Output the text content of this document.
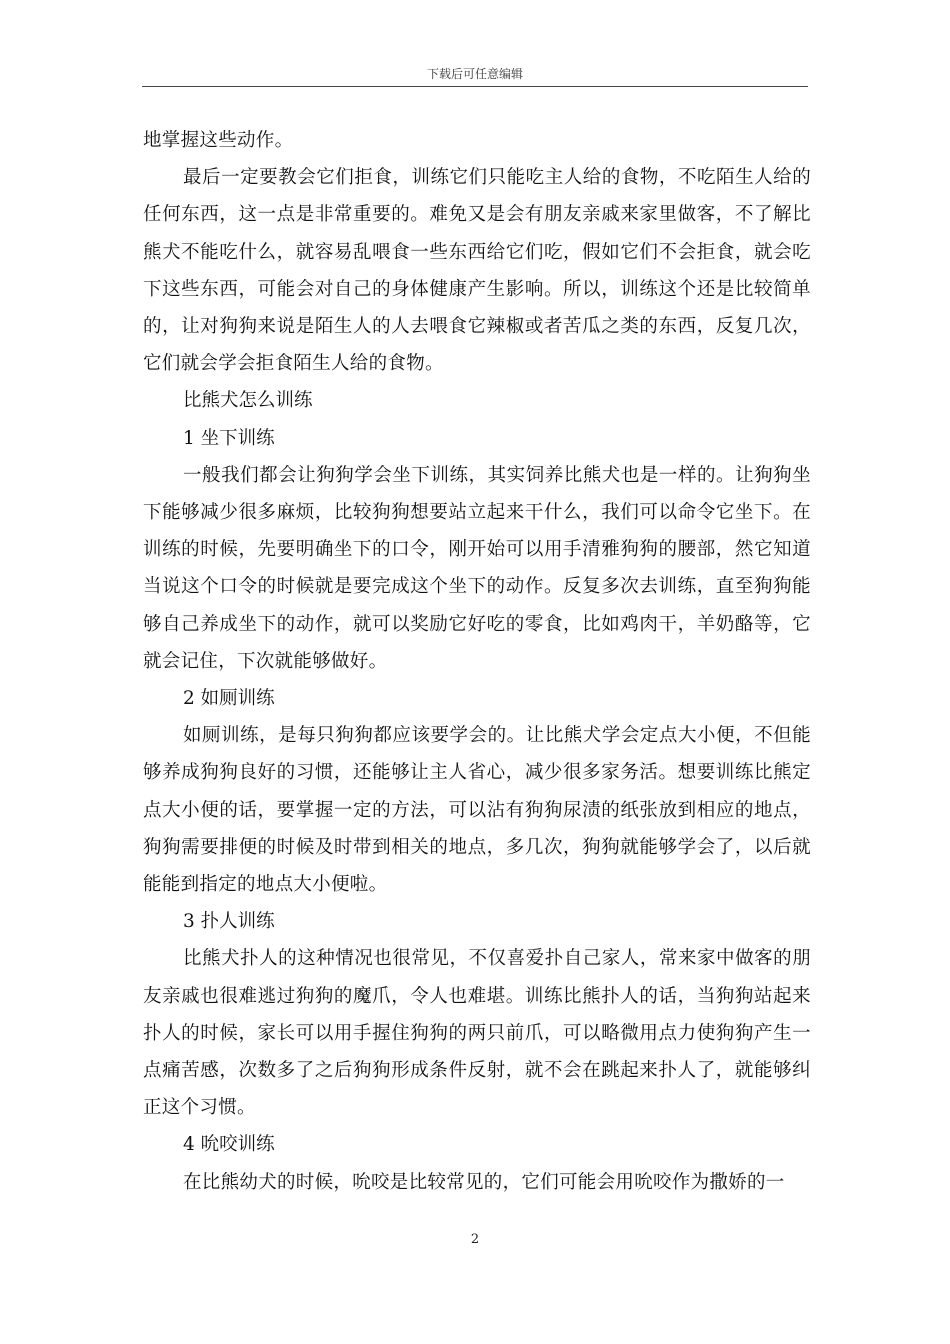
下载后可任意编辑

地掌握这些动作。

最后一定要教会它们拒食，训练它们只能吃主人给的食物，不吃陌生人给的任何东西，这一点是非常重要的。难免又是会有朋友亲戚来家里做客，不了解比熊犬不能吃什么，就容易乱喂食一些东西给它们吃，假如它们不会拒食，就会吃下这些东西，可能会对自己的身体健康产生影响。所以，训练这个还是比较简单的，让对狗狗来说是陌生人的人去喂食它辣椒或者苦瓜之类的东西，反复几次，它们就会学会拒食陌生人给的食物。

比熊犬怎么训练

1 坐下训练

一般我们都会让狗狗学会坐下训练，其实饲养比熊犬也是一样的。让狗狗坐下能够减少很多麻烦，比较狗狗想要站立起来干什么，我们可以命令它坐下。在训练的时候，先要明确坐下的口令，刚开始可以用手清雅狗狗的腰部，然它知道当说这个口令的时候就是要完成这个坐下的动作。反复多次去训练，直至狗狗能够自己养成坐下的动作，就可以奖励它好吃的零食，比如鸡肉干，羊奶酪等，它就会记住，下次就能够做好。

2 如厕训练

如厕训练，是每只狗狗都应该要学会的。让比熊犬学会定点大小便，不但能够养成狗狗良好的习惯，还能够让主人省心，减少很多家务活。想要训练比熊定点大小便的话，要掌握一定的方法，可以沾有狗狗尿渍的纸张放到相应的地点，狗狗需要排便的时候及时带到相关的地点，多几次，狗狗就能够学会了，以后就能能到指定的地点大小便啦。

3 扑人训练

比熊犬扑人的这种情况也很常见，不仅喜爱扑自己家人，常来家中做客的朋友亲戚也很难逃过狗狗的魔爪，令人也难堪。训练比熊扑人的话，当狗狗站起来扑人的时候，家长可以用手握住狗狗的两只前爪，可以略微用点力使狗狗产生一点痛苦感，次数多了之后狗狗形成条件反射，就不会在跳起来扑人了，就能够纠正这个习惯。

4 吮咬训练

在比熊幼犬的时候，吮咬是比较常见的，它们可能会用吮咬作为撒娇的一

2
